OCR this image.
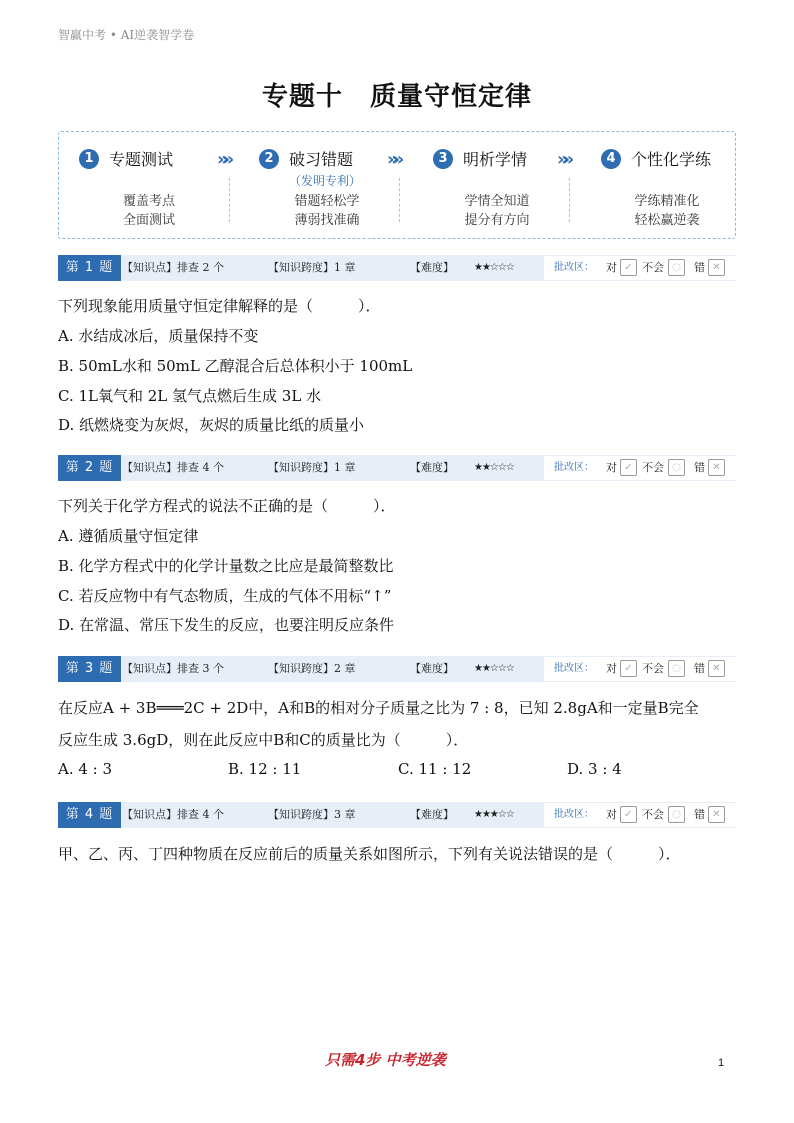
智赢中考 • AI逆袭智学卷
专题十　质量守恒定律
1 专题测试
覆盖考点
全面测试
»»	2 破习错题
（发明专利）
错题轻松学
薄弱找准确
»»	3 明析学情
学情全知道
提分有方向
»»	4 个性化学练
学练精准化
轻松赢逆袭
第 1 题 【知识点】排查 2 个	【知识跨度】1 章	【难度】 ★★☆☆☆	批改区： 对 ✓ 不会 ◌	错 ✕
下列现象能用质量守恒定律解释的是（　　　）．
A. 水结成冰后，质量保持不变
B. 50mL水和 50mL 乙醇混合后总体积小于 100mL
C. 1L氧气和 2L 氢气点燃后生成 3L 水
D. 纸燃烧变为灰烬，灰烬的质量比纸的质量小
第 2 题 【知识点】排查 4 个	【知识跨度】1 章	【难度】 ★★☆☆☆	批改区： 对 ✓ 不会 ◌	错 ✕
下列关于化学方程式的说法不正确的是（　　　）．
A. 遵循质量守恒定律
B. 化学方程式中的化学计量数之比应是最简整数比
C. 若反应物中有气态物质，生成的气体不用标“↑”
D. 在常温、常压下发生的反应，也要注明反应条件
第 3 题 【知识点】排查 3 个	【知识跨度】2 章	【难度】 ★★☆☆☆	批改区： 对 ✓ 不会 ◌	错 ✕
在反应A + 3B═══2C + 2D中，A和B的相对分子质量之比为 7 : 8，已知 2.8gA和一定量B完全
反应生成 3.6gD，则在此反应中B和C的质量比为（　　　）．
A. 4 : 3	B. 12 : 11	C. 11 : 12	D. 3 : 4
第 4 题 【知识点】排查 4 个	【知识跨度】3 章	【难度】 ★★★☆☆	批改区： 对 ✓ 不会 ◌	错 ✕
甲、乙、丙、丁四种物质在反应前后的质量关系如图所示，下列有关说法错误的是（　　　）．
只需4步 中考逆袭	1
